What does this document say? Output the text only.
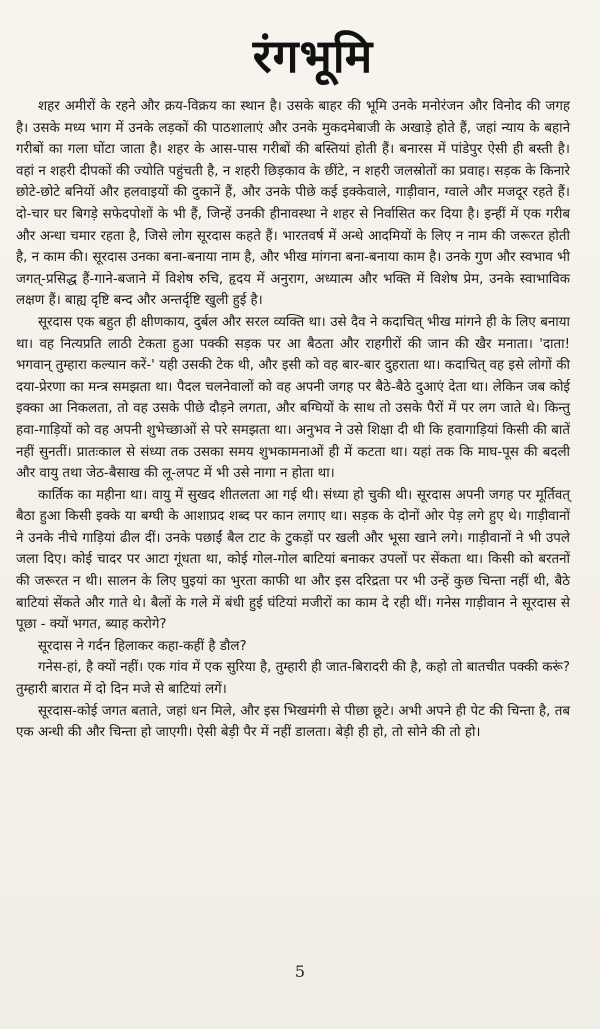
रंगभूमि

शहर अमीरों के रहने और क्रय-विक्रय का स्थान है। उसके बाहर की भूमि उनके मनोरंजन और विनोद की जगह है। उसके मध्य भाग में उनके लड़कों की पाठशालाएं और उनके मुकदमेबाजी के अखाड़े होते हैं, जहां न्याय के बहाने गरीबों का गला घोंटा जाता है। शहर के आस-पास गरीबों की बस्तियां होती हैं। बनारस में पांडेपुर ऐसी ही बस्ती है। वहां न शहरी दीपकों की ज्योति पहुंचती है, न शहरी छिड़काव के छींटे, न शहरी जलस्रोतों का प्रवाह। सड़क के किनारे छोटे-छोटे बनियों और हलवाइयों की दुकानें हैं, और उनके पीछे कई इक्केवाले, गाड़ीवान, ग्वाले और मजदूर रहते हैं। दो-चार घर बिगड़े सफेदपोशों के भी हैं, जिन्हें उनकी हीनावस्था ने शहर से निर्वासित कर दिया है। इन्हीं में एक गरीब और अन्धा चमार रहता है, जिसे लोग सूरदास कहते हैं। भारतवर्ष में अन्धे आदमियों के लिए न नाम की जरूरत होती है, न काम की। सूरदास उनका बना-बनाया नाम है, और भीख मांगना बना-बनाया काम है। उनके गुण और स्वभाव भी जगत्-प्रसिद्ध हैं-गाने-बजाने में विशेष रुचि, हृदय में अनुराग, अध्यात्म और भक्ति में विशेष प्रेम, उनके स्वाभाविक लक्षण हैं। बाह्य दृष्टि बन्द और अन्तर्दृष्टि खुली हुई है।

सूरदास एक बहुत ही क्षीणकाय, दुर्बल और सरल व्यक्ति था। उसे दैव ने कदाचित् भीख मांगने ही के लिए बनाया था। वह नित्यप्रति लाठी टेकता हुआ पक्की सड़क पर आ बैठता और राहगीरों की जान की खैर मनाता। 'दाता! भगवान् तुम्हारा कल्यान करें-' यही उसकी टेक थी, और इसी को वह बार-बार दुहराता था। कदाचित् वह इसे लोगों की दया-प्रेरणा का मन्त्र समझता था। पैदल चलनेवालों को वह अपनी जगह पर बैठे-बैठे दुआएं देता था। लेकिन जब कोई इक्का आ निकलता, तो वह उसके पीछे दौड़ने लगता, और बग्घियों के साथ तो उसके पैरों में पर लग जाते थे। किन्तु हवा-गाड़ियों को वह अपनी शुभेच्छाओं से परे समझता था। अनुभव ने उसे शिक्षा दी थी कि हवागाड़ियां किसी की बातें नहीं सुनतीं। प्रातःकाल से संध्या तक उसका समय शुभकामनाओं ही में कटता था। यहां तक कि माघ-पूस की बदली और वायु तथा जेठ-बैसाख की लू-लपट में भी उसे नागा न होता था।

कार्तिक का महीना था। वायु में सुखद शीतलता आ गई थी। संध्या हो चुकी थी। सूरदास अपनी जगह पर मूर्तिवत् बैठा हुआ किसी इक्के या बग्घी के आशाप्रद शब्द पर कान लगाए था। सड़क के दोनों ओर पेड़ लगे हुए थे। गाड़ीवानों ने उनके नीचे गाड़ियां ढील दीं। उनके पछाईं बैल टाट के टुकड़ों पर खली और भूसा खाने लगे। गाड़ीवानों ने भी उपले जला दिए। कोई चादर पर आटा गूंधता था, कोई गोल-गोल बाटियां बनाकर उपलों पर सेंकता था। किसी को बरतनों की जरूरत न थी। सालन के लिए घुइयां का भुरता काफी था और इस दरिद्रता पर भी उन्हें कुछ चिन्ता नहीं थी, बैठे बाटियां सेंकते और गाते थे। बैलों के गले में बंधी हुई घंटियां मजीरों का काम दे रही थीं। गनेस गाड़ीवान ने सूरदास से पूछा - क्यों भगत, ब्याह करोगे?

सूरदास ने गर्दन हिलाकर कहा-कहीं है डौल?

गनेस-हां, है क्यों नहीं। एक गांव में एक सुरिया है, तुम्हारी ही जात-बिरादरी की है, कहो तो बातचीत पक्की करूं? तुम्हारी बारात में दो दिन मजे से बाटियां लगें।

सूरदास-कोई जगत बताते, जहां धन मिले, और इस भिखमंगी से पीछा छूटे। अभी अपने ही पेट की चिन्ता है, तब एक अन्धी की और चिन्ता हो जाएगी। ऐसी बेड़ी पैर में नहीं डालता। बेड़ी ही हो, तो सोने की तो हो।

5
